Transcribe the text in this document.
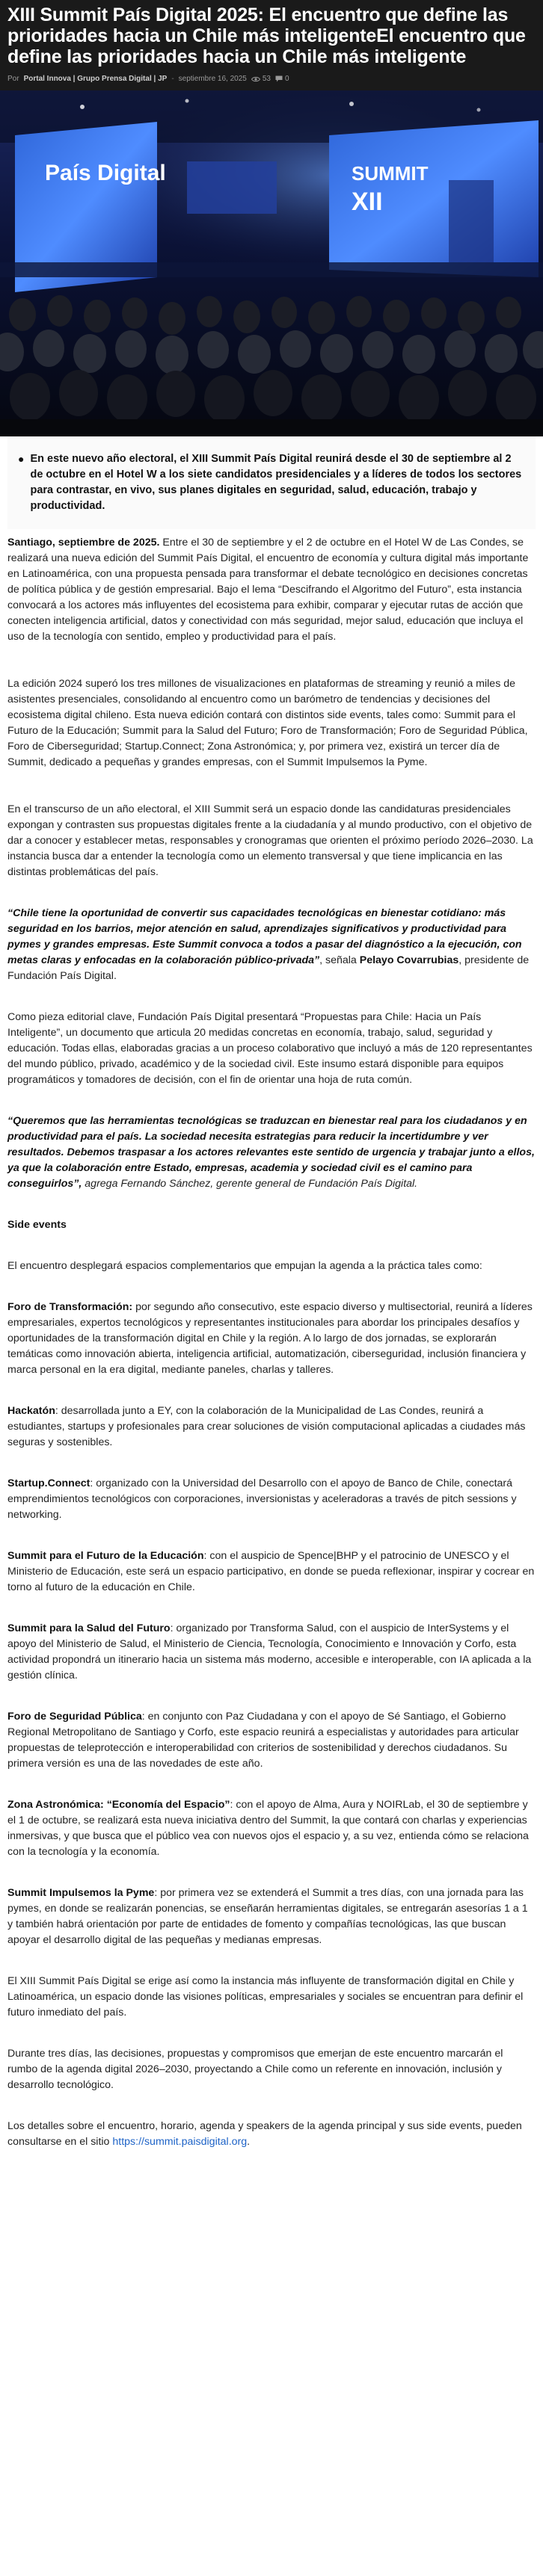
XIII Summit País Digital 2025: El encuentro que define las prioridades hacia un Chile más inteligenteEl encuentro que define las prioridades hacia un Chile más inteligente
Por Portal Innova | Grupo Prensa Digital | JP - septiembre 16, 2025 53 0
País Digital	SUMMIT
XII
● En este nuevo año electoral, el XIII Summit País Digital reunirá desde el 30 de septiembre al 2 de octubre en el Hotel W a los siete candidatos presidenciales y a líderes de todos los sectores para contrastar, en vivo, sus planes digitales en seguridad, salud, educación, trabajo y productividad.

Santiago, septiembre de 2025. Entre el 30 de septiembre y el 2 de octubre en el Hotel W de Las Condes, se realizará una nueva edición del Summit País Digital, el encuentro de economía y cultura digital más importante en Latinoamérica, con una propuesta pensada para transformar el debate tecnológico en decisiones concretas de política pública y de gestión empresarial. Bajo el lema “Descifrando el Algoritmo del Futuro”, esta instancia convocará a los actores más influyentes del ecosistema para exhibir, comparar y ejecutar rutas de acción que conecten inteligencia artificial, datos y conectividad con más seguridad, mejor salud, educación que incluya el uso de la tecnología con sentido, empleo y productividad para el país.

La edición 2024 superó los tres millones de visualizaciones en plataformas de streaming y reunió a miles de asistentes presenciales, consolidando al encuentro como un barómetro de tendencias y decisiones del ecosistema digital chileno. Esta nueva edición contará con distintos side events, tales como: Summit para el Futuro de la Educación; Summit para la Salud del Futuro; Foro de Transformación; Foro de Seguridad Pública, Foro de Ciberseguridad; Startup.Connect; Zona Astronómica; y, por primera vez, existirá un tercer día de Summit, dedicado a pequeñas y grandes empresas, con el Summit Impulsemos la Pyme.

En el transcurso de un año electoral, el XIII Summit será un espacio donde las candidaturas presidenciales expongan y contrasten sus propuestas digitales frente a la ciudadanía y al mundo productivo, con el objetivo de dar a conocer y establecer metas, responsables y cronogramas que orienten el próximo período 2026–2030. La instancia busca dar a entender la tecnología como un elemento transversal y que tiene implicancia en las distintas problemáticas del país.

“Chile tiene la oportunidad de convertir sus capacidades tecnológicas en bienestar cotidiano: más seguridad en los barrios, mejor atención en salud, aprendizajes significativos y productividad para pymes y grandes empresas. Este Summit convoca a todos a pasar del diagnóstico a la ejecución, con metas claras y enfocadas en la colaboración público-privada”, señala Pelayo Covarrubias, presidente de Fundación País Digital.

Como pieza editorial clave, Fundación País Digital presentará “Propuestas para Chile: Hacia un País Inteligente”, un documento que articula 20 medidas concretas en economía, trabajo, salud, seguridad y educación. Todas ellas, elaboradas gracias a un proceso colaborativo que incluyó a más de 120 representantes del mundo público, privado, académico y de la sociedad civil. Este insumo estará disponible para equipos programáticos y tomadores de decisión, con el fin de orientar una hoja de ruta común.

“Queremos que las herramientas tecnológicas se traduzcan en bienestar real para los ciudadanos y en productividad para el país. La sociedad necesita estrategias para reducir la incertidumbre y ver resultados. Debemos traspasar a los actores relevantes este sentido de urgencia y trabajar junto a ellos, ya que la colaboración entre Estado, empresas, academia y sociedad civil es el camino para conseguirlos”, agrega Fernando Sánchez, gerente general de Fundación País Digital.

Side events

El encuentro desplegará espacios complementarios que empujan la agenda a la práctica tales como:

Foro de Transformación: por segundo año consecutivo, este espacio diverso y multisectorial, reunirá a líderes empresariales, expertos tecnológicos y representantes institucionales para abordar los principales desafíos y oportunidades de la transformación digital en Chile y la región. A lo largo de dos jornadas, se explorarán temáticas como innovación abierta, inteligencia artificial, automatización, ciberseguridad, inclusión financiera y marca personal en la era digital, mediante paneles, charlas y talleres.

Hackatón: desarrollada junto a EY, con la colaboración de la Municipalidad de Las Condes, reunirá a estudiantes, startups y profesionales para crear soluciones de visión computacional aplicadas a ciudades más seguras y sostenibles.

Startup.Connect: organizado con la Universidad del Desarrollo con el apoyo de Banco de Chile, conectará emprendimientos tecnológicos con corporaciones, inversionistas y aceleradoras a través de pitch sessions y networking.

Summit para el Futuro de la Educación: con el auspicio de Spence|BHP y el patrocinio de UNESCO y el Ministerio de Educación, este será un espacio participativo, en donde se pueda reflexionar, inspirar y cocrear en torno al futuro de la educación en Chile.

Summit para la Salud del Futuro: organizado por Transforma Salud, con el auspicio de InterSystems y el apoyo del Ministerio de Salud, el Ministerio de Ciencia, Tecnología, Conocimiento e Innovación y Corfo, esta actividad propondrá un itinerario hacia un sistema más moderno, accesible e interoperable, con IA aplicada a la gestión clínica.

Foro de Seguridad Pública: en conjunto con Paz Ciudadana y con el apoyo de Sé Santiago, el Gobierno Regional Metropolitano de Santiago y Corfo, este espacio reunirá a especialistas y autoridades para articular propuestas de teleprotección e interoperabilidad con criterios de sostenibilidad y derechos ciudadanos. Su primera versión es una de las novedades de este año.

Zona Astronómica: “Economía del Espacio”: con el apoyo de Alma, Aura y NOIRLab, el 30 de septiembre y el 1 de octubre, se realizará esta nueva iniciativa dentro del Summit, la que contará con charlas y experiencias inmersivas, y que busca que el público vea con nuevos ojos el espacio y, a su vez, entienda cómo se relaciona con la tecnología y la economía.

Summit Impulsemos la Pyme: por primera vez se extenderá el Summit a tres días, con una jornada para las pymes, en donde se realizarán ponencias, se enseñarán herramientas digitales, se entregarán asesorías 1 a 1 y también habrá orientación por parte de entidades de fomento y compañías tecnológicas, las que buscan apoyar el desarrollo digital de las pequeñas y medianas empresas.

El XIII Summit País Digital se erige así como la instancia más influyente de transformación digital en Chile y Latinoamérica, un espacio donde las visiones políticas, empresariales y sociales se encuentran para definir el futuro inmediato del país.

Durante tres días, las decisiones, propuestas y compromisos que emerjan de este encuentro marcarán el rumbo de la agenda digital 2026–2030, proyectando a Chile como un referente en innovación, inclusión y desarrollo tecnológico.

Los detalles sobre el encuentro, horario, agenda y speakers de la agenda principal y sus side events, pueden consultarse en el sitio https://summit.paisdigital.org.
